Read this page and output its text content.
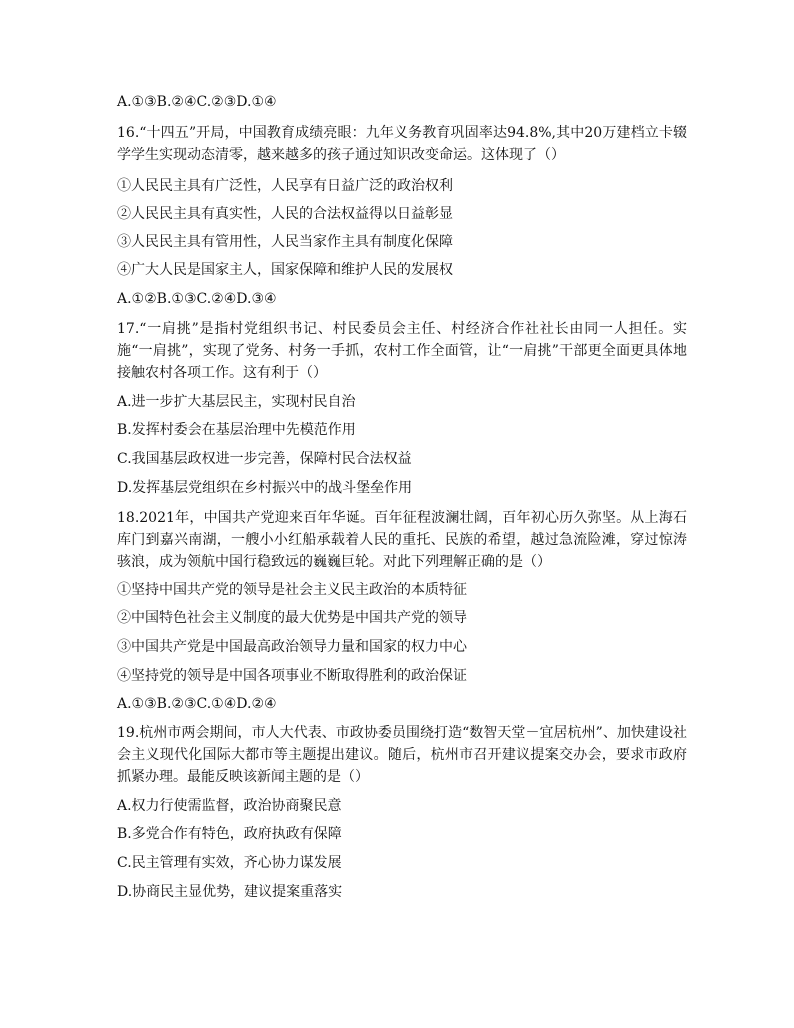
A.①③B.②④C.②③D.①④
16.“十四五”开局，中国教育成绩亮眼：九年义务教育巩固率达94.8%,其中20万建档立卡辍学学生实现动态清零，越来越多的孩子通过知识改变命运。这体现了（）
①人民民主具有广泛性，人民享有日益广泛的政治权利
②人民民主具有真实性，人民的合法权益得以日益彰显
③人民民主具有管用性，人民当家作主具有制度化保障
④广大人民是国家主人，国家保障和维护人民的发展权
A.①②B.①③C.②④D.③④
17.“一肩挑”是指村党组织书记、村民委员会主任、村经济合作社社长由同一人担任。实施“一肩挑”，实现了党务、村务一手抓，农村工作全面管，让“一肩挑”干部更全面更具体地接触农村各项工作。这有利于（）
A.进一步扩大基层民主，实现村民自治
B.发挥村委会在基层治理中先模范作用
C.我国基层政权进一步完善，保障村民合法权益
D.发挥基层党组织在乡村振兴中的战斗堡垒作用
18.2021年，中国共产党迎来百年华诞。百年征程波澜壮阔，百年初心历久弥坚。从上海石库门到嘉兴南湖，一艘小小红船承载着人民的重托、民族的希望，越过急流险滩，穿过惊涛骇浪，成为领航中国行稳致远的巍巍巨轮。对此下列理解正确的是（）
①坚持中国共产党的领导是社会主义民主政治的本质特征
②中国特色社会主义制度的最大优势是中国共产党的领导
③中国共产党是中国最高政治领导力量和国家的权力中心
④坚持党的领导是中国各项事业不断取得胜利的政治保证
A.①③B.②③C.①④D.②④
19.杭州市两会期间，市人大代表、市政协委员围绕打造“数智天堂－宜居杭州”、加快建设社会主义现代化国际大都市等主题提出建议。随后，杭州市召开建议提案交办会，要求市政府抓紧办理。最能反映该新闻主题的是（）
A.权力行使需监督，政治协商聚民意
B.多党合作有特色，政府执政有保障
C.民主管理有实效，齐心协力谋发展
D.协商民主显优势，建议提案重落实
